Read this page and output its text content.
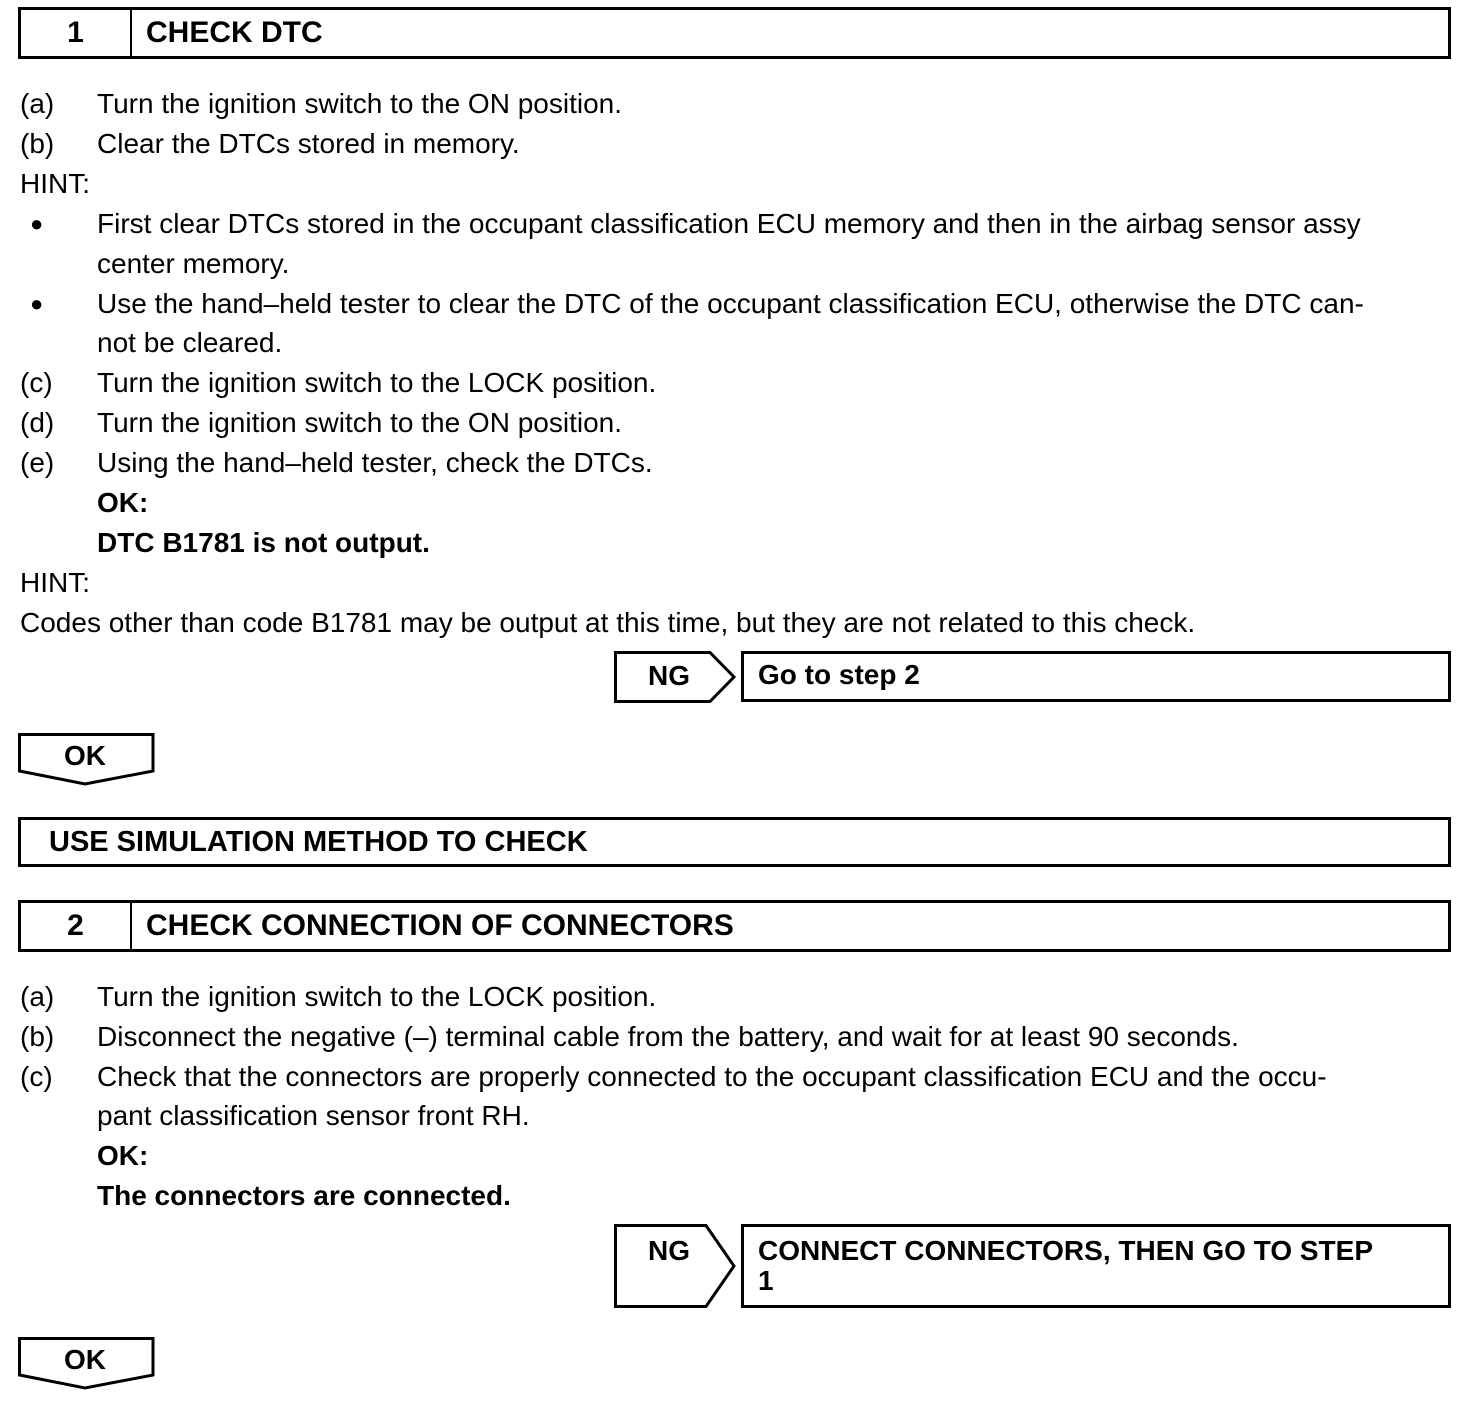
1	CHECK DTC
(a) Turn the ignition switch to the ON position.
(b) Clear the DTCs stored in memory.
HINT:
● First clear DTCs stored in the occupant classification ECU memory and then in the airbag sensor assy
center memory.
● Use the hand–held tester to clear the DTC of the occupant classification ECU, otherwise the DTC can-
not be cleared.
(c) Turn the ignition switch to the LOCK position.
(d) Turn the ignition switch to the ON position.
(e) Using the hand–held tester, check the DTCs.
OK:
DTC B1781 is not output.
HINT:
Codes other than code B1781 may be output at this time, but they are not related to this check.
NG	Go to step 2
OK
USE SIMULATION METHOD TO CHECK
2	CHECK CONNECTION OF CONNECTORS
(a) Turn the ignition switch to the LOCK position.
(b) Disconnect the negative (–) terminal cable from the battery, and wait for at least 90 seconds.
(c) Check that the connectors are properly connected to the occupant classification ECU and the occu-
pant classification sensor front RH.
OK:
The connectors are connected.
NG CONNECT CONNECTORS, THEN GO TO STEP
1
OK
